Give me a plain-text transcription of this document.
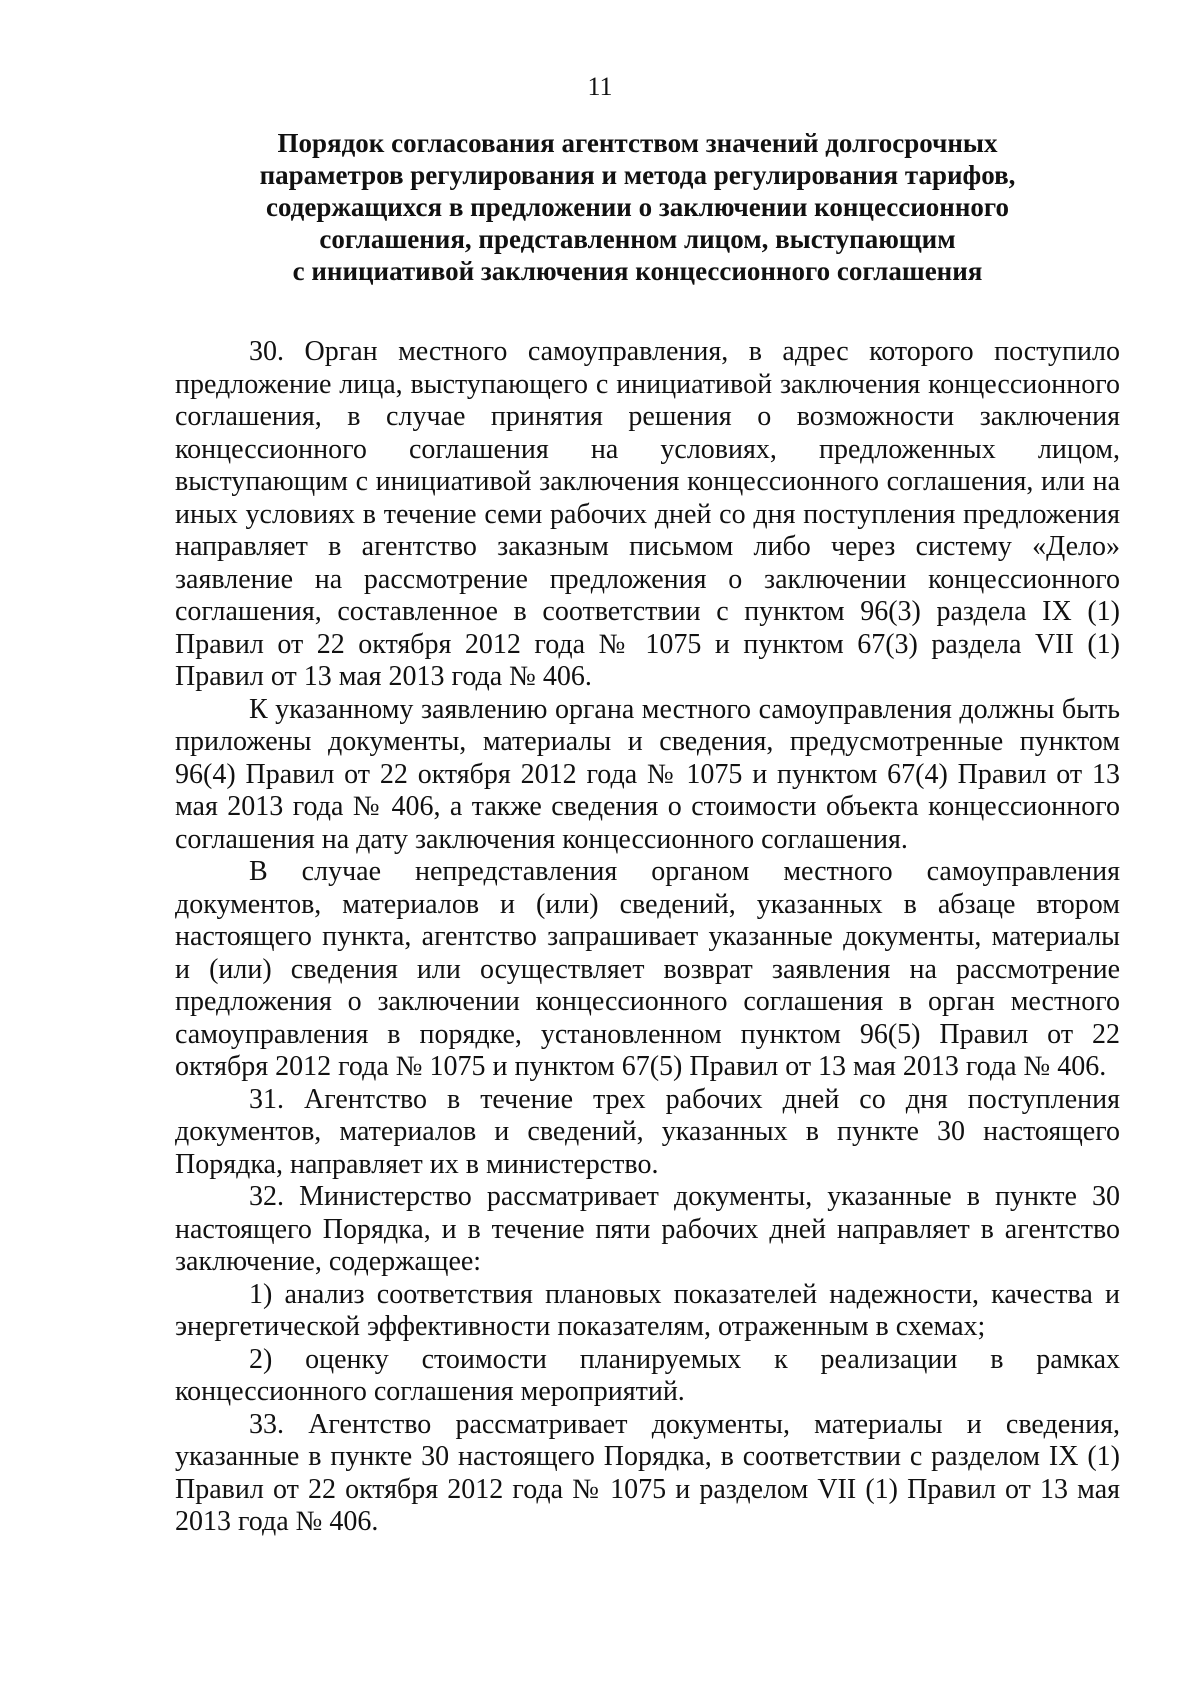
11
Порядок согласования агентством значений долгосрочных
параметров регулирования и метода регулирования тарифов,
содержащихся в предложении о заключении концессионного
соглашения, представленном лицом, выступающим
с инициативой заключения концессионного соглашения

30. Орган местного самоуправления, в адрес которого поступило предложение лица, выступающего с инициативой заключения концессионного соглашения, в случае принятия решения о возможности заключения концессионного соглашения на условиях, предложенных лицом, выступающим с инициативой заключения концессионного соглашения, или на иных условиях в течение семи рабочих дней со дня поступления предложения направляет в агентство заказным письмом либо через систему «Дело» заявление на рассмотрение предложения о заключении концессионного соглашения, составленное в соответствии с пунктом 96(3) раздела IX (1) Правил от 22 октября 2012 года № 1075 и пунктом 67(3) раздела VII (1) Правил от 13 мая 2013 года № 406.

К указанному заявлению органа местного самоуправления должны быть приложены документы, материалы и сведения, предусмотренные пунктом 96(4) Правил от 22 октября 2012 года № 1075 и пунктом 67(4) Правил от 13 мая 2013 года № 406, а также сведения о стоимости объекта концессионного соглашения на дату заключения концессионного соглашения.

В случае непредставления органом местного самоуправления документов, материалов и (или) сведений, указанных в абзаце втором настоящего пункта, агентство запрашивает указанные документы, материалы и (или) сведения или осуществляет возврат заявления на рассмотрение предложения о заключении концессионного соглашения в орган местного самоуправления в порядке, установленном пунктом 96(5) Правил от 22 октября 2012 года № 1075 и пунктом 67(5) Правил от 13 мая 2013 года № 406.

31. Агентство в течение трех рабочих дней со дня поступления документов, материалов и сведений, указанных в пункте 30 настоящего Порядка, направляет их в министерство.

32. Министерство рассматривает документы, указанные в пункте 30 настоящего Порядка, и в течение пяти рабочих дней направляет в агентство заключение, содержащее:

1) анализ соответствия плановых показателей надежности, качества и энергетической эффективности показателям, отраженным в схемах;

2) оценку стоимости планируемых к реализации в рамках концессионного соглашения мероприятий.

33. Агентство рассматривает документы, материалы и сведения, указанные в пункте 30 настоящего Порядка, в соответствии с разделом IX (1) Правил от 22 октября 2012 года № 1075 и разделом VII (1) Правил от 13 мая 2013 года № 406.
